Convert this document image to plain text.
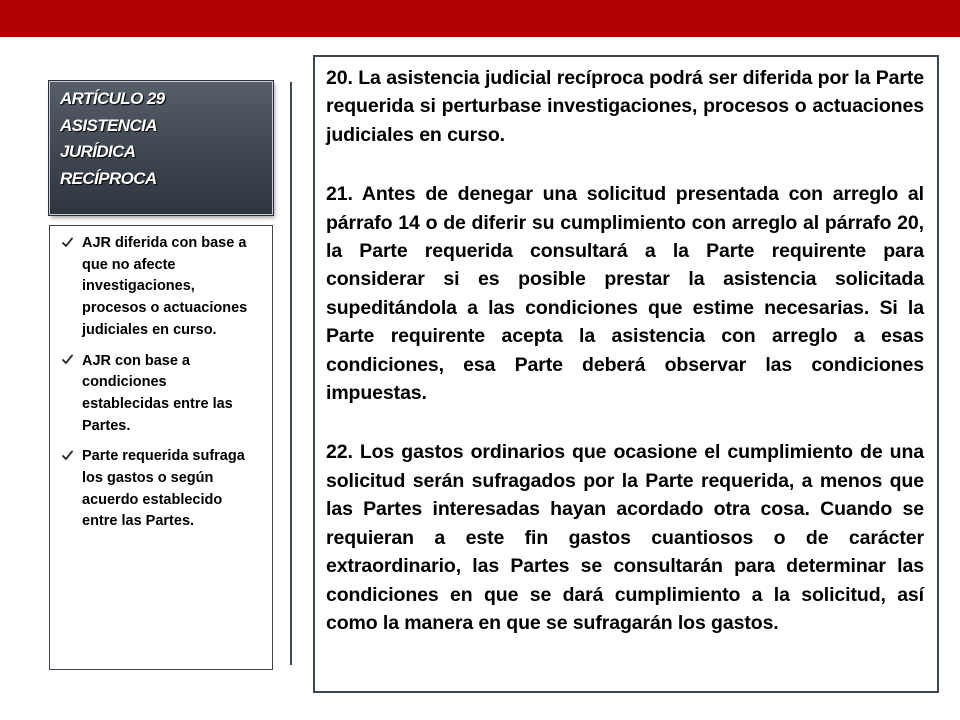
ARTÍCULO 29
ASISTENCIA
JURÍDICA
RECÍPROCA
AJR diferida con base a que no afecte investigaciones, procesos o actuaciones judiciales en curso.
AJR con base a condiciones establecidas entre las Partes.
Parte requerida sufraga los gastos o según acuerdo establecido entre las Partes.

20. La asistencia judicial recíproca podrá ser diferida por la Parte requerida si perturbase investigaciones, procesos o actuaciones judiciales en curso.

21. Antes de denegar una solicitud presentada con arreglo al párrafo 14 o de diferir su cumplimiento con arreglo al párrafo 20, la Parte requerida consultará a la Parte requirente para considerar si es posible prestar la asistencia solicitada supeditándola a las condiciones que estime necesarias. Si la Parte requirente acepta la asistencia con arreglo a esas condiciones, esa Parte deberá observar las condiciones impuestas.

22. Los gastos ordinarios que ocasione el cumplimiento de una solicitud serán sufragados por la Parte requerida, a menos que las Partes interesadas hayan acordado otra cosa. Cuando se requieran a este fin gastos cuantiosos o de carácter extraordinario, las Partes se consultarán para determinar las condiciones en que se dará cumplimiento a la solicitud, así como la manera en que se sufragarán los gastos.
